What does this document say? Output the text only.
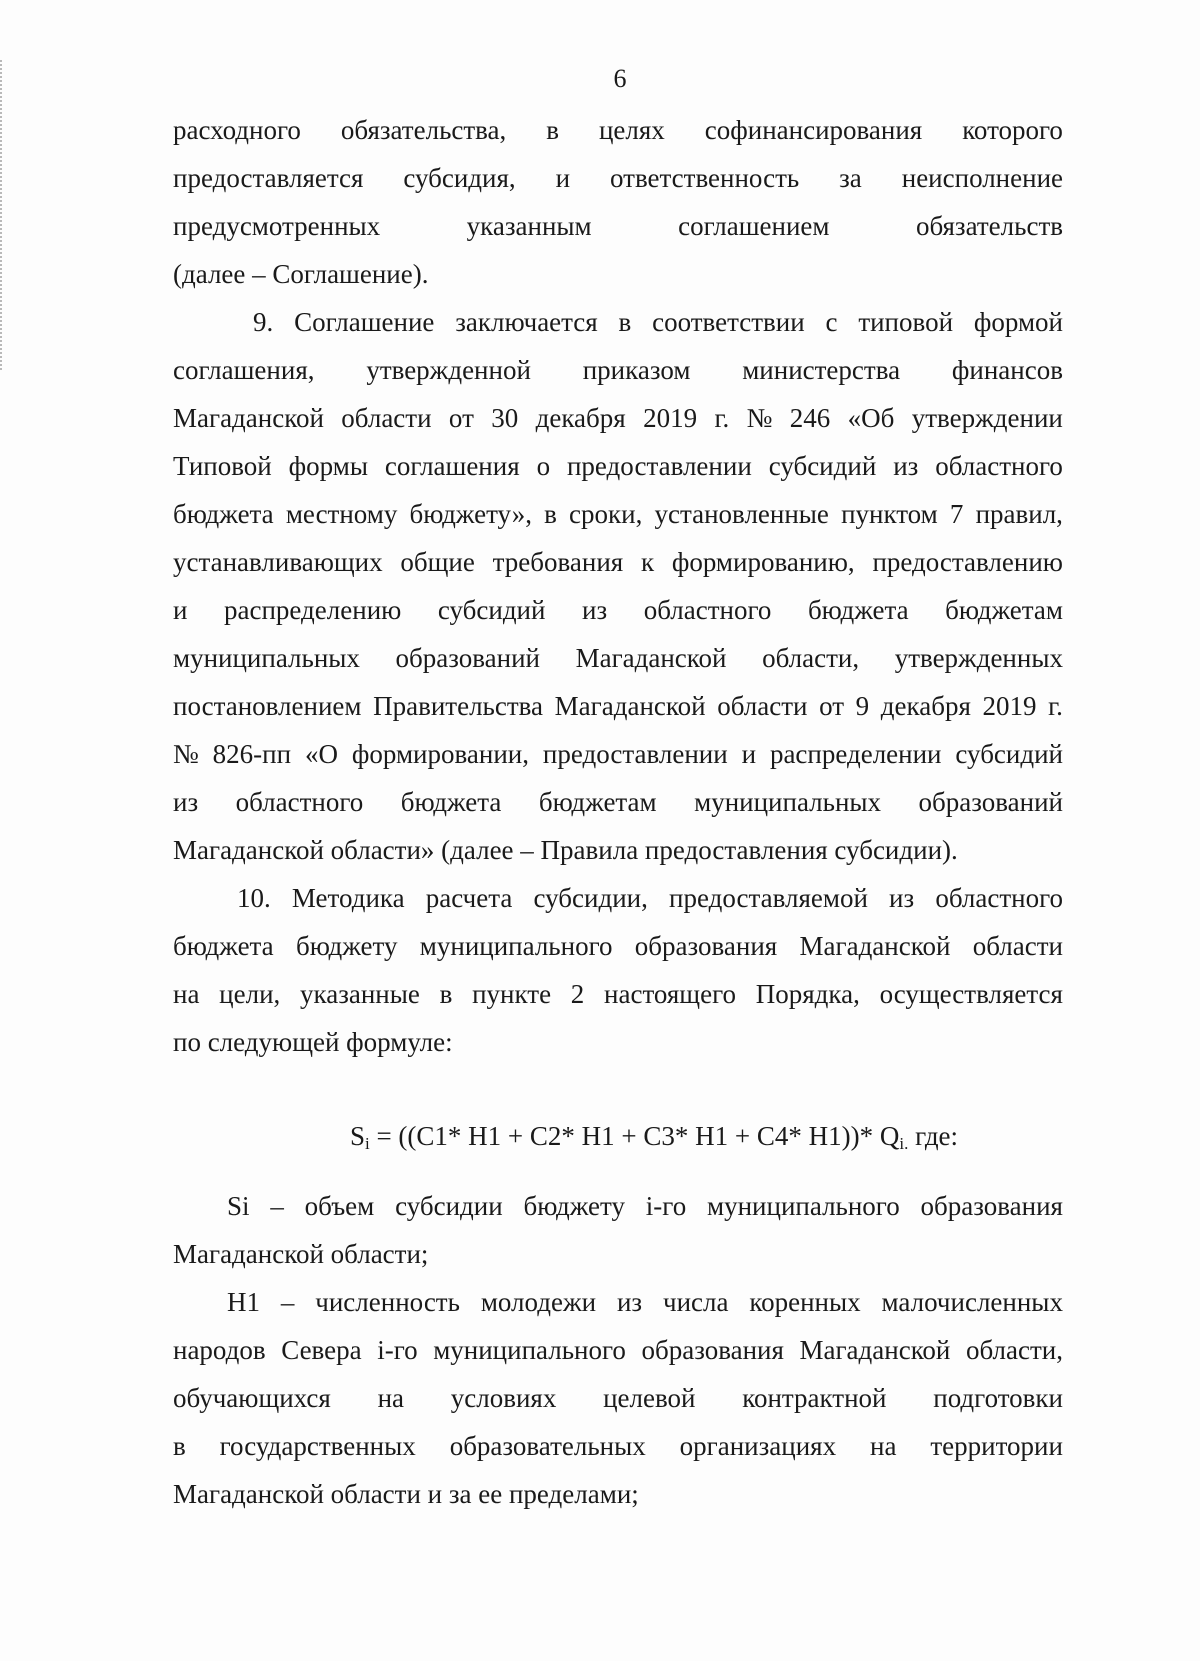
6
расходного обязательства, в целях софинансирования которого
предоставляется субсидия, и ответственность за неисполнение
предусмотренных	указанным	соглашением	обязательств
(далее – Соглашение).
9. Соглашение заключается в соответствии с типовой формой
соглашения, утвержденной приказом министерства финансов
Магаданской области от 30 декабря 2019 г. № 246 «Об утверждении
Типовой формы соглашения о предоставлении субсидий из областного
бюджета местному бюджету», в сроки, установленные пунктом 7 правил,
устанавливающих общие требования к формированию, предоставлению
и распределению субсидий из областного бюджета бюджетам
муниципальных образований Магаданской области, утвержденных
постановлением Правительства Магаданской области от 9 декабря 2019 г.
№ 826-пп «О формировании, предоставлении и распределении субсидий
из областного бюджета бюджетам муниципальных образований
Магаданской области» (далее – Правила предоставления субсидии).
10. Методика расчета субсидии, предоставляемой из областного
бюджета бюджету муниципального образования Магаданской области
на цели, указанные в пункте 2 настоящего Порядка, осуществляется
по следующей формуле:
$S_i = ((C1*$ H1 + C2* H1 + C3* H1 + C4* H1))* $Q_{i.}$ где:
Si – объем субсидии бюджету i-го муниципального образования
Магаданской области;
Н1 – численность молодежи из числа коренных малочисленных
народов Севера i-го муниципального образования Магаданской области,
обучающихся на условиях целевой контрактной подготовки
в государственных образовательных организациях на территории
Магаданской области и за ее пределами;
